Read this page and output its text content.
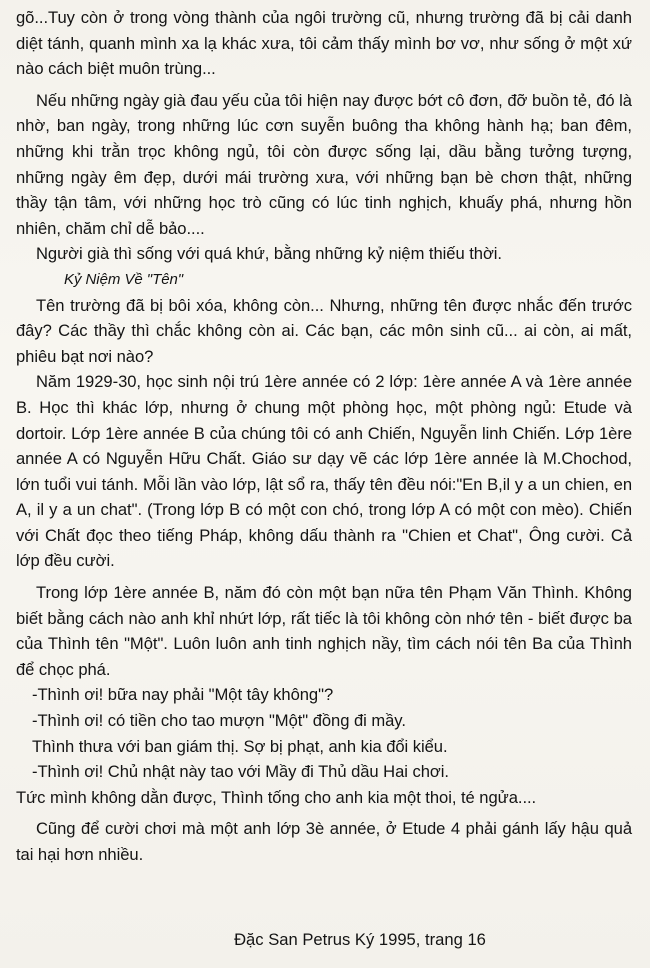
gõ...Tuy còn ở trong vòng thành của ngôi trường cũ, nhưng trường đã bị cải danh diệt tánh, quanh mình xa lạ khác xưa, tôi cảm thấy mình bơ vơ, như sống ở một xứ nào cách biệt muôn trùng...

Nếu những ngày già đau yếu của tôi hiện nay được bớt cô đơn, đỡ buồn tẻ, đó là nhờ, ban ngày, trong những lúc cơn suyễn buông tha không hành hạ; ban đêm, những khi trằn trọc không ngủ, tôi còn được sống lại, dầu bằng tưởng tượng, những ngày êm đẹp, dưới mái trường xưa, với những bạn bè chơn thật, những thầy tận tâm, với những học trò cũng có lúc tinh nghịch, khuấy phá, nhưng hồn nhiên, chăm chỉ dễ bảo....

Người già thì sống với quá khứ, bằng những kỷ niệm thiếu thời.

Kỷ Niệm Về "Tên"

Tên trường đã bị bôi xóa, không còn... Nhưng, những tên được nhắc đến trước đây? Các thầy thì chắc không còn ai. Các bạn, các môn sinh cũ... ai còn, ai mất, phiêu bạt nơi nào?

Năm 1929-30, học sinh nội trú 1ère année có 2 lớp: 1ère année A và 1ère année B. Học thì khác lớp, nhưng ở chung một phòng học, một phòng ngủ: Etude và dortoir. Lớp 1ère année B của chúng tôi có anh Chiến, Nguyễn linh Chiến. Lớp 1ère année A có Nguyễn Hữu Chất. Giáo sư dạy vẽ các lớp 1ère année là M.Chochod, lớn tuổi vui tánh. Mỗi lần vào lớp, lật sổ ra, thấy tên đều nói:"En B,il y a un chien, en A, il y a un chat". (Trong lớp B có một con chó, trong lớp A có một con mèo). Chiến với Chất đọc theo tiếng Pháp, không dấu thành ra "Chien et Chat", Ông cười. Cả lớp đều cười.

Trong lớp 1ère année B, năm đó còn một bạn nữa tên Phạm Văn Thình. Không biết bằng cách nào anh khỉ nhứt lớp, rất tiếc là tôi không còn nhớ tên - biết được ba của Thình tên "Một". Luôn luôn anh tinh nghịch nầy, tìm cách nói tên Ba của Thình để chọc phá.

-Thình ơi! bữa nay phải "Một tây không"?

-Thình ơi! có tiền cho tao mượn "Một" đồng đi mầy.

Thình thưa với ban giám thị. Sợ bị phạt, anh kia đổi kiểu.

-Thình ơi! Chủ nhật này tao với Mầy đi Thủ dầu Hai chơi.

Tức mình không dằn được, Thình tống cho anh kia một thoi, té ngửa....

Cũng để cười chơi mà một anh lớp 3è année, ở Etude 4 phải gánh lấy hậu quả tai hại hơn nhiều.

Đặc San Petrus Ký 1995, trang 16
